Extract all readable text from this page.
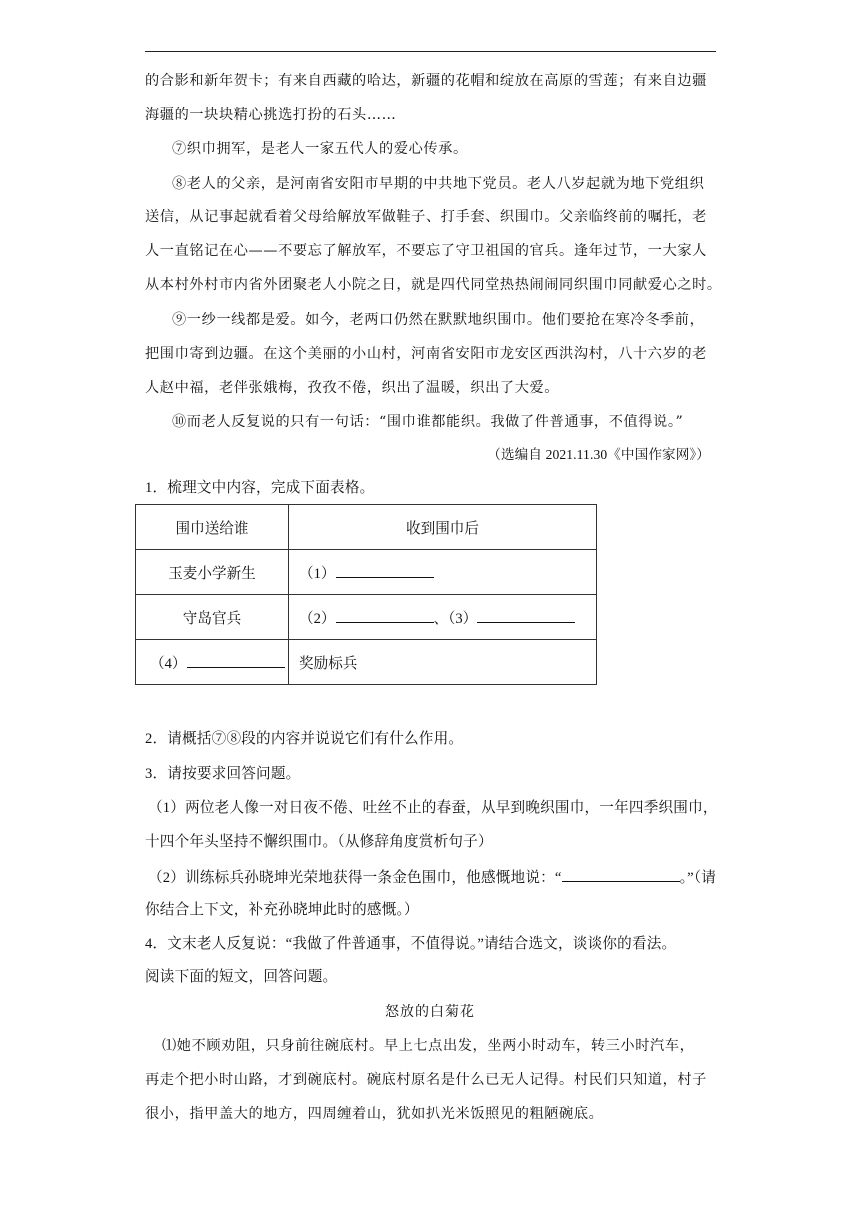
的合影和新年贺卡；有来自西藏的哈达，新疆的花帽和绽放在高原的雪莲；有来自边疆
海疆的一块块精心挑选打扮的石头……
⑦织巾拥军，是老人一家五代人的爱心传承。
⑧老人的父亲，是河南省安阳市早期的中共地下党员。老人八岁起就为地下党组织
送信，从记事起就看着父母给解放军做鞋子、打手套、织围巾。父亲临终前的嘱托，老
人一直铭记在心——不要忘了解放军，不要忘了守卫祖国的官兵。逢年过节，一大家人
从本村外村市内省外团聚老人小院之日，就是四代同堂热热闹闹同织围巾同献爱心之时。
⑨一纱一线都是爱。如今，老两口仍然在默默地织围巾。他们要抢在寒冷冬季前，
把围巾寄到边疆。在这个美丽的小山村，河南省安阳市龙安区西洪沟村，八十六岁的老
人赵中福，老伴张娥梅，孜孜不倦，织出了温暖，织出了大爱。
⑩而老人反复说的只有一句话：“围巾谁都能织。我做了件普通事，不值得说。”
（选编自 2021.11.30《中国作家网》）
1．梳理文中内容，完成下面表格。
围巾送给谁	收到围巾后
玉麦小学新生	（1）
守岛官兵	（2） 、（3）
（4）	奖励标兵
2．请概括⑦⑧段的内容并说说它们有什么作用。
3．请按要求回答问题。
（1）两位老人像一对日夜不倦、吐丝不止的春蚕，从早到晚织围巾，一年四季织围巾，
十四个年头坚持不懈织围巾。（从修辞角度赏析句子）
（2）训练标兵孙晓坤光荣地获得一条金色围巾，他感慨地说：“	。”（请
你结合上下文，补充孙晓坤此时的感慨。）
4．文末老人反复说：“我做了件普通事，不值得说。”请结合选文，谈谈你的看法。
阅读下面的短文，回答问题。
怒放的白菊花
⑴她不顾劝阻，只身前往碗底村。早上七点出发，坐两小时动车，转三小时汽车，
再走个把小时山路，才到碗底村。碗底村原名是什么已无人记得。村民们只知道，村子
很小，指甲盖大的地方，四周缠着山，犹如扒光米饭照见的粗陋碗底。
